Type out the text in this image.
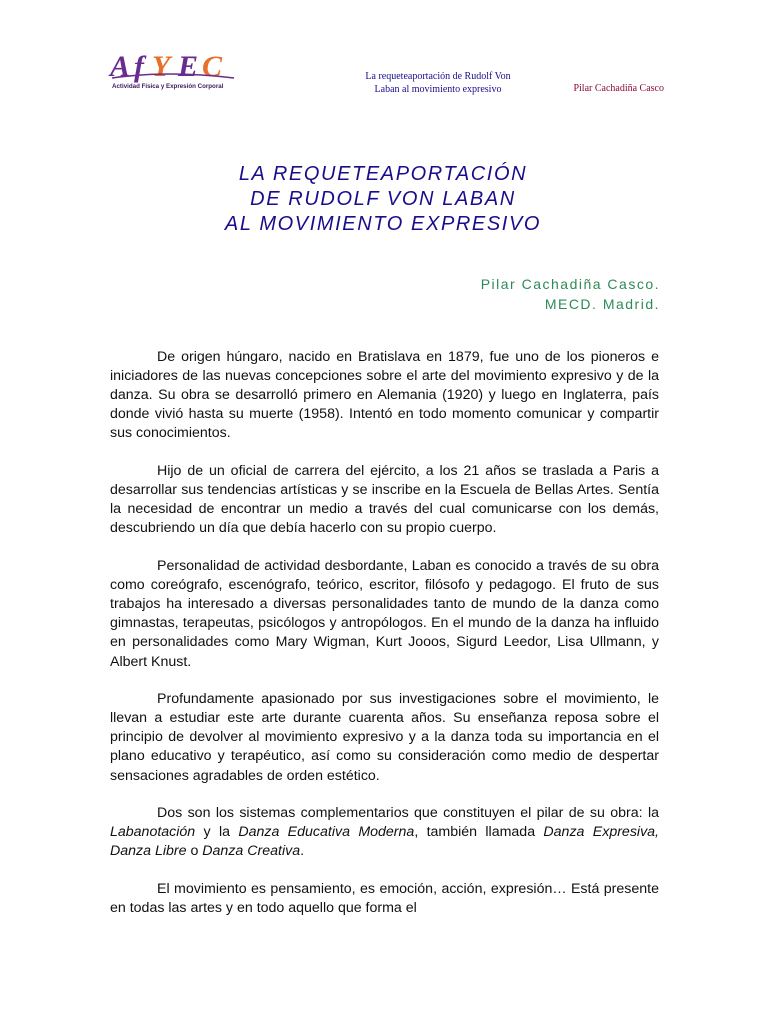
A f Y E C
Actividad Física y Expresión Corporal
La requeteaportación de Rudolf Von Laban al movimiento expresivo	Pilar Cachadiña Casco
LA REQUETEAPORTACIÓN
DE RUDOLF VON LABAN
AL MOVIMIENTO EXPRESIVO
Pilar Cachadiña Casco.
MECD. Madrid.

De origen húngaro, nacido en Bratislava en 1879, fue uno de los pioneros e iniciadores de las nuevas concepciones sobre el arte del movimiento expresivo y de la danza. Su obra se desarrolló primero en Alemania (1920) y luego en Inglaterra, país donde vivió hasta su muerte (1958). Intentó en todo momento comunicar y compartir sus conocimientos.

Hijo de un oficial de carrera del ejército, a los 21 años se traslada a Paris a desarrollar sus tendencias artísticas y se inscribe en la Escuela de Bellas Artes. Sentía la necesidad de encontrar un medio a través del cual comunicarse con los demás, descubriendo un día que debía hacerlo con su propio cuerpo.

Personalidad de actividad desbordante, Laban es conocido a través de su obra como coreógrafo, escenógrafo, teórico, escritor, filósofo y pedagogo. El fruto de sus trabajos ha interesado a diversas personalidades tanto de mundo de la danza como gimnastas, terapeutas, psicólogos y antropólogos. En el mundo de la danza ha influido en personalidades como Mary Wigman, Kurt Jooos, Sigurd Leedor, Lisa Ullmann, y Albert Knust.

Profundamente apasionado por sus investigaciones sobre el movimiento, le llevan a estudiar este arte durante cuarenta años. Su enseñanza reposa sobre el principio de devolver al movimiento expresivo y a la danza toda su importancia en el plano educativo y terapéutico, así como su consideración como medio de despertar sensaciones agradables de orden estético.

Dos son los sistemas complementarios que constituyen el pilar de su obra: la Labanotación y la Danza Educativa Moderna, también llamada Danza Expresiva, Danza Libre o Danza Creativa.

El movimiento es pensamiento, es emoción, acción, expresión… Está presente en todas las artes y en todo aquello que forma el
